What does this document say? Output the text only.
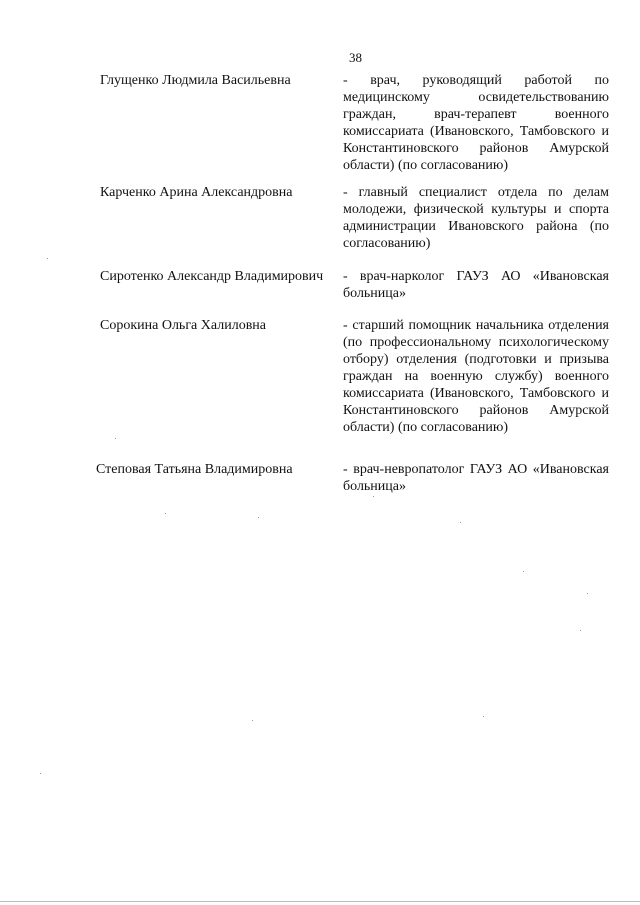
38
Глущенко Людмила Васильевна	- врач, руководящий работой по медицинскому освидетельствованию граждан, врач-терапевт военного комиссариата (Ивановского, Тамбовского и Константиновского районов Амурской области) (по согласованию)
Карченко Арина Александровна	- главный специалист отдела по делам молодежи, физической культуры и спорта администрации Ивановского района (по согласованию)
Сиротенко Александр Владимирович	- врач-нарколог ГАУЗ АО «Ивановская больница»
Сорокина Ольга Халиловна	- старший помощник начальника отделения (по профессиональному психологическому отбору) отделения (подготовки и призыва граждан на военную службу) военного комиссариата (Ивановского, Тамбовского и Константиновского районов Амурской области) (по согласованию)
Степовая Татьяна Владимировна	- врач-невропатолог ГАУЗ АО «Ивановская больница»
